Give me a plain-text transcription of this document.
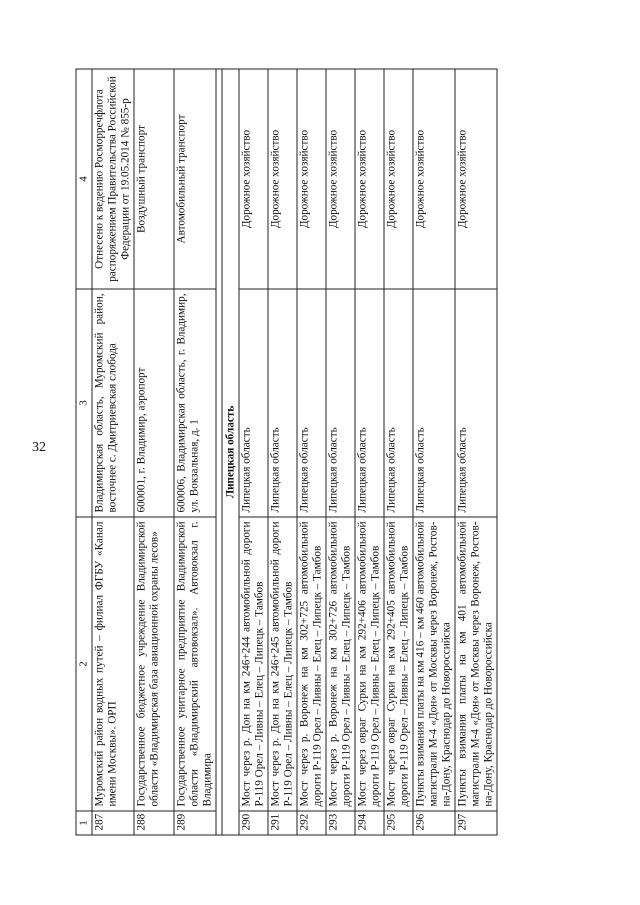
32
1	2	3	4
287	Муромский район водных путей – филиал ФГБУ «Канал имени Москвы». ОРП	Владимирская область, Муромский район, восточнее с. Дмитриевская слобода	Отнесено к ведению Росморречфлота распоряжением Правительства Российской Федерации от 19.05.2014 № 855-р
288	Государственное бюджетное учреждение Владимирской области «Владимирская база авиационной охраны лесов»	600001, г. Владимир, аэропорт	Воздушный транспорт
289	Государственное унитарное предприятие Владимирской области «Владимирский автовокзал». Автовокзал г. Владимира	600006, Владимирская область, г. Владимир, ул. Вокзальная, д. 1	Автомобильный транспорт

Липецкая область			
290	Мост через р. Дон на км 246+244 автомобильной дороги Р-119 Орел – Ливны – Елец – Липецк – Тамбов	Липецкая область	Дорожное хозяйство
291	Мост через р. Дон на км 246+245 автомобильной дороги Р-119 Орел – Ливны – Елец – Липецк – Тамбов	Липецкая область	Дорожное хозяйство
292	Мост через р. Воронеж на км 302+725 автомобильной дороги Р-119 Орел – Ливны – Елец – Липецк – Тамбов	Липецкая область	Дорожное хозяйство
293	Мост через р. Воронеж на км 302+726 автомобильной дороги Р-119 Орел – Ливны – Елец – Липецк – Тамбов	Липецкая область	Дорожное хозяйство
294	Мост через овраг Сурки на км 292+406 автомобильной дороги Р-119 Орел – Ливны – Елец – Липецк – Тамбов	Липецкая область	Дорожное хозяйство
295	Мост через овраг Сурки на км 292+405 автомобильной дороги Р-119 Орел – Ливны – Елец – Липецк – Тамбов	Липецкая область	Дорожное хозяйство
296	Пункты взимания платы на км 416 – км 460 автомобильной магистрали М-4 «Дон» от Москвы через Воронеж, Ростов-на-Дону, Краснодар до Новороссийска	Липецкая область	Дорожное хозяйство
297	Пункты взимания платы на км 401 автомобильной магистрали М-4 «Дон» от Москвы через Воронеж, Ростов-на-Дону, Краснодар до Новороссийска	Липецкая область	Дорожное хозяйство
